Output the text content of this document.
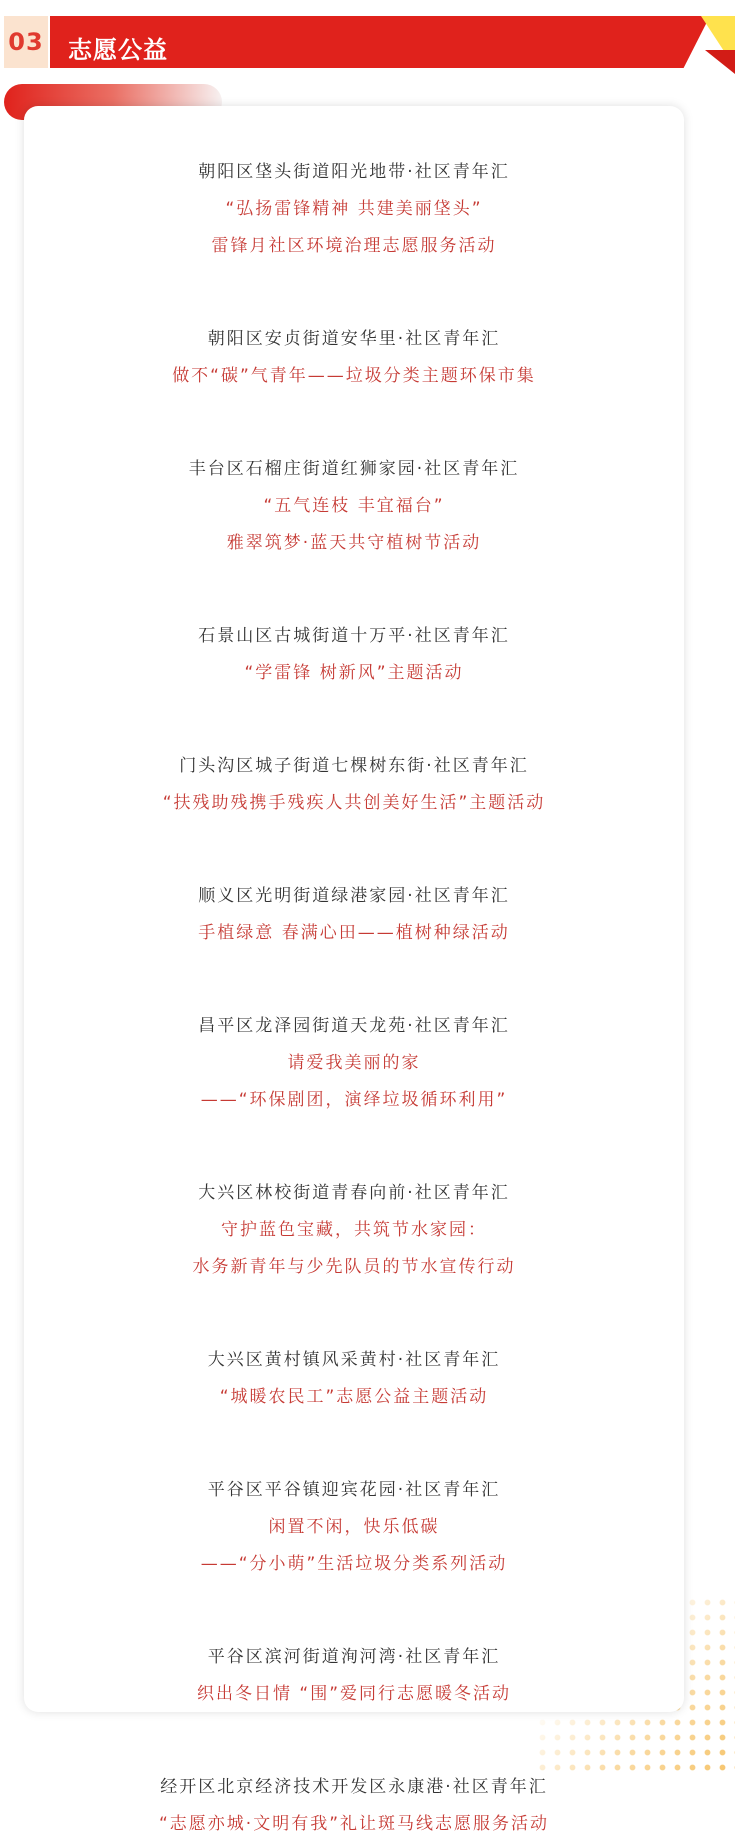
03 志愿公益
朝阳区垡头街道阳光地带·社区青年汇
“弘扬雷锋精神 共建美丽垡头”
雷锋月社区环境治理志愿服务活动
朝阳区安贞街道安华里·社区青年汇
做不“碳”气青年——垃圾分类主题环保市集
丰台区石榴庄街道红狮家园·社区青年汇
“五气连枝 丰宜福台”
雅翠筑梦·蓝天共守植树节活动
石景山区古城街道十万平·社区青年汇
“学雷锋 树新风”主题活动
门头沟区城子街道七棵树东街·社区青年汇
“扶残助残携手残疾人共创美好生活”主题活动
顺义区光明街道绿港家园·社区青年汇
手植绿意 春满心田——植树种绿活动
昌平区龙泽园街道天龙苑·社区青年汇
请爱我美丽的家
——“环保剧团，演绎垃圾循环利用”
大兴区林校街道青春向前·社区青年汇
守护蓝色宝藏，共筑节水家园：
水务新青年与少先队员的节水宣传行动
大兴区黄村镇风采黄村·社区青年汇
“城暖农民工”志愿公益主题活动
平谷区平谷镇迎宾花园·社区青年汇
闲置不闲，快乐低碳
——“分小萌”生活垃圾分类系列活动
平谷区滨河街道洵河湾·社区青年汇
织出冬日情 “围”爱同行志愿暖冬活动
经开区北京经济技术开发区永康港·社区青年汇
“志愿亦城·文明有我”礼让斑马线志愿服务活动
